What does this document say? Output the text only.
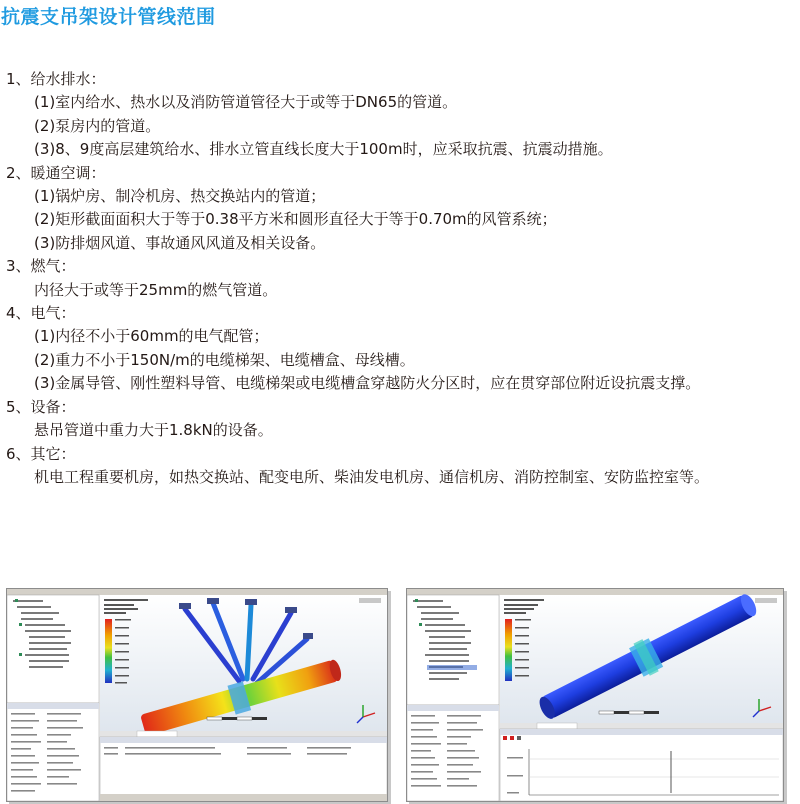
抗震支吊架设计管线范围
1、给水排水：
(1)室内给水、热水以及消防管道管径大于或等于DN65的管道。
(2)泵房内的管道。
(3)8、9度高层建筑给水、排水立管直线长度大于100m时，应采取抗震、抗震动措施。
2、暖通空调：
(1)锅炉房、制冷机房、热交换站内的管道；
(2)矩形截面面积大于等于0.38平方米和圆形直径大于等于0.70m的风管系统；
(3)防排烟风道、事故通风风道及相关设备。
3、燃气：
内径大于或等于25mm的燃气管道。
4、电气：
(1)内径不小于60mm的电气配管；
(2)重力不小于150N/m的电缆梯架、电缆槽盒、母线槽。
(3)金属导管、刚性塑料导管、电缆梯架或电缆槽盒穿越防火分区时，应在贯穿部位附近设抗震支撑。
5、设备：
悬吊管道中重力大于1.8kN的设备。
6、其它：
机电工程重要机房，如热交换站、配变电所、柴油发电机房、通信机房、消防控制室、安防监控室等。
